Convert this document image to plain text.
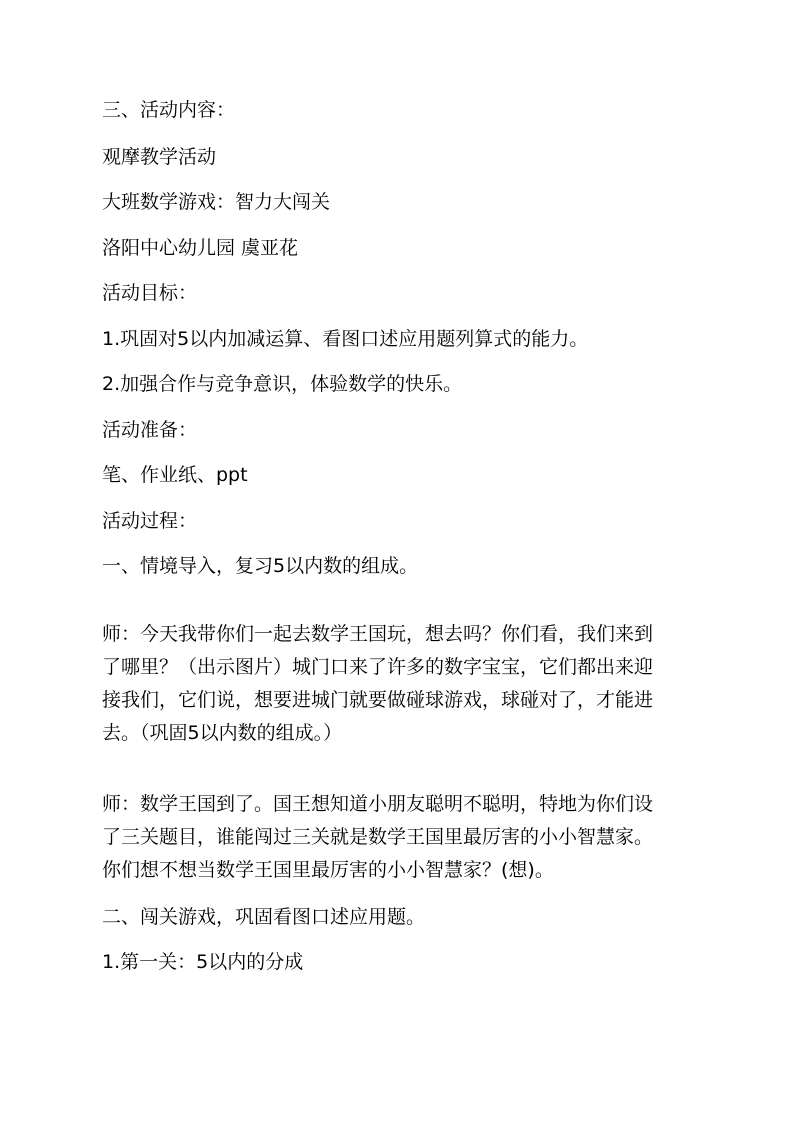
三、活动内容：
观摩教学活动
大班数学游戏：智力大闯关
洛阳中心幼儿园 虞亚花
活动目标：
1.巩固对5以内加减运算、看图口述应用题列算式的能力。
2.加强合作与竞争意识，体验数学的快乐。
活动准备：
笔、作业纸、ppt
活动过程：
一、情境导入，复习5以内数的组成。
师：今天我带你们一起去数学王国玩，想去吗？你们看，我们来到
了哪里？（出示图片）城门口来了许多的数字宝宝，它们都出来迎
接我们，它们说，想要进城门就要做碰球游戏，球碰对了，才能进
去。（巩固5以内数的组成。）
师：数学王国到了。国王想知道小朋友聪明不聪明，特地为你们设
了三关题目，谁能闯过三关就是数学王国里最厉害的小小智慧家。
你们想不想当数学王国里最厉害的小小智慧家？(想)。
二、闯关游戏，巩固看图口述应用题。
1.第一关：5以内的分成
